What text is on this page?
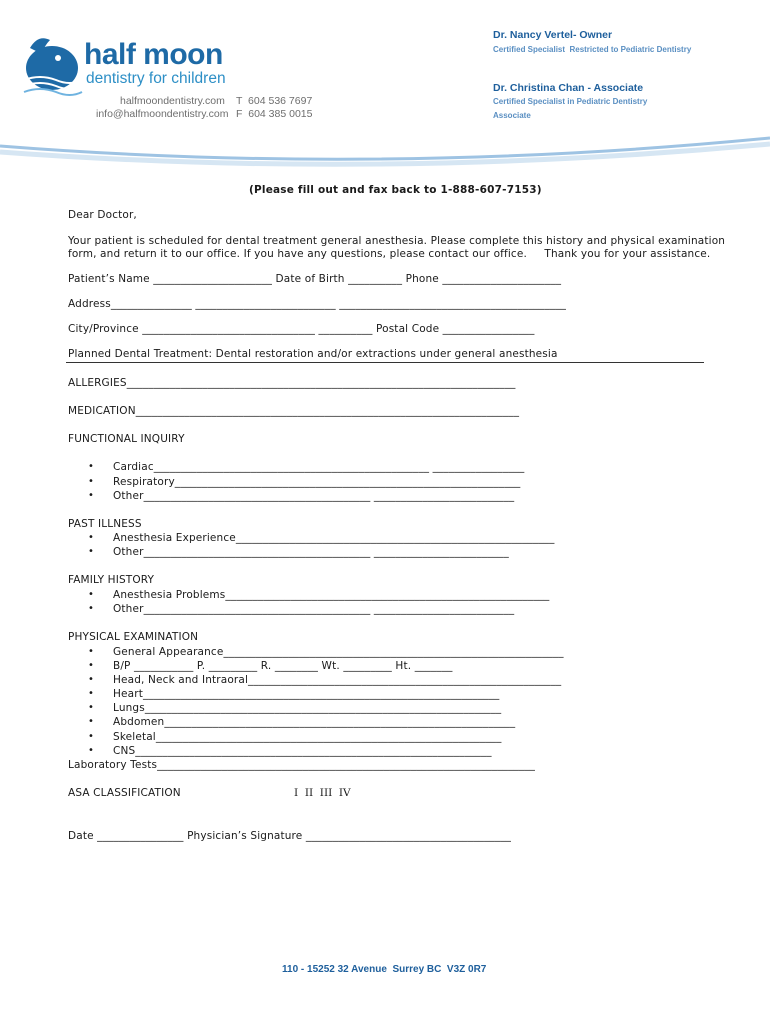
half moon
dentistry for children
halfmoondentistry.com
info@halfmoondentistry.com
T  604 536 7697
F  604 385 0015
Dr. Nancy Vertel- Owner
Certified Specialist  Restricted to Pediatric Dentistry
Dr. Christina Chan - Associate
Certified Specialist in Pediatric Dentistry
Associate
(Please fill out and fax back to 1-888-607-7153)
Dear Doctor,
Your patient is scheduled for dental treatment general anesthesia. Please complete this history and physical examination
form, and return it to our office. If you have any questions, please contact our office.     Thank you for your assistance.
Patient’s Name ______________________ Date of Birth __________ Phone ______________________
Address_______________ __________________________ __________________________________________
City/Province ________________________________ __________ Postal Code _________________
Planned Dental Treatment: Dental restoration and/or extractions under general anesthesia
ALLERGIES________________________________________________________________________
MEDICATION_______________________________________________________________________
FUNCTIONAL INQUIRY
• Cardiac___________________________________________________ _________________
• Respiratory________________________________________________________________
• Other__________________________________________ __________________________
PAST ILLNESS
• Anesthesia Experience___________________________________________________________
• Other__________________________________________ _________________________
FAMILY HISTORY
• Anesthesia Problems____________________________________________________________
• Other__________________________________________ __________________________
PHYSICAL EXAMINATION
• General Appearance_______________________________________________________________
• B/P ___________ P. _________ R. ________ Wt. _________ Ht. _______
• Head, Neck and Intraoral__________________________________________________________
• Heart__________________________________________________________________
• Lungs__________________________________________________________________
• Abdomen_________________________________________________________________
• Skeletal________________________________________________________________
• CNS__________________________________________________________________
Laboratory Tests______________________________________________________________________
ASA CLASSIFICATION	I  II  III  IV
Date ________________ Physician’s Signature ______________________________________
110 - 15252 32 Avenue  Surrey BC  V3Z 0R7
